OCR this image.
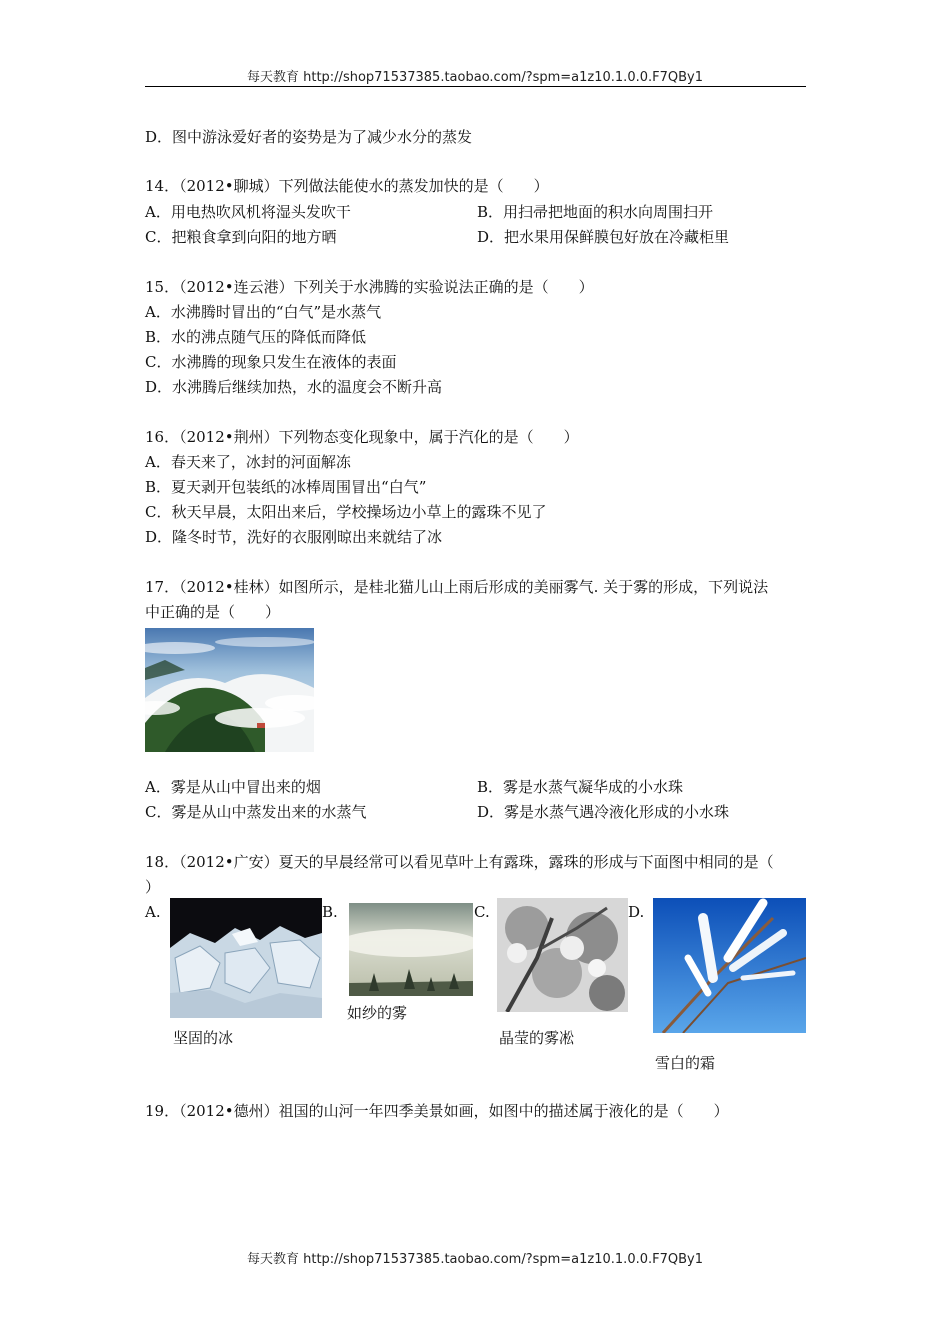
每天教育 http://shop71537385.taobao.com/?spm=a1z10.1.0.0.F7QBy1
D．图中游泳爱好者的姿势是为了减少水分的蒸发
14．（2012•聊城）下列做法能使水的蒸发加快的是（　　）
A．用电热吹风机将湿头发吹干	B．用扫帚把地面的积水向周围扫开
C．把粮食拿到向阳的地方晒	D．把水果用保鲜膜包好放在冷藏柜里
15．（2012•连云港）下列关于水沸腾的实验说法正确的是（　　）
A．水沸腾时冒出的“白气”是水蒸气
B．水的沸点随气压的降低而降低
C．水沸腾的现象只发生在液体的表面
D．水沸腾后继续加热，水的温度会不断升高
16．（2012•荆州）下列物态变化现象中，属于汽化的是（　　）
A．春天来了，冰封的河面解冻
B．夏天剥开包装纸的冰棒周围冒出“白气”
C．秋天早晨，太阳出来后，学校操场边小草上的露珠不见了
D．隆冬时节，洗好的衣服刚晾出来就结了冰
17．（2012•桂林）如图所示，是桂北猫儿山上雨后形成的美丽雾气. 关于雾的形成，下列说法
中正确的是（　　）
A．雾是从山中冒出来的烟	B．雾是水蒸气凝华成的小水珠
C．雾是从山中蒸发出来的水蒸气	D．雾是水蒸气遇冷液化形成的小水珠
18．（2012•广安）夏天的早晨经常可以看见草叶上有露珠，露珠的形成与下面图中相同的是（
）
A.
坚固的冰
B.
如纱的雾
C.
晶莹的雾凇
D.
雪白的霜
19．（2012•德州）祖国的山河一年四季美景如画，如图中的描述属于液化的是（　　）
每天教育 http://shop71537385.taobao.com/?spm=a1z10.1.0.0.F7QBy1
